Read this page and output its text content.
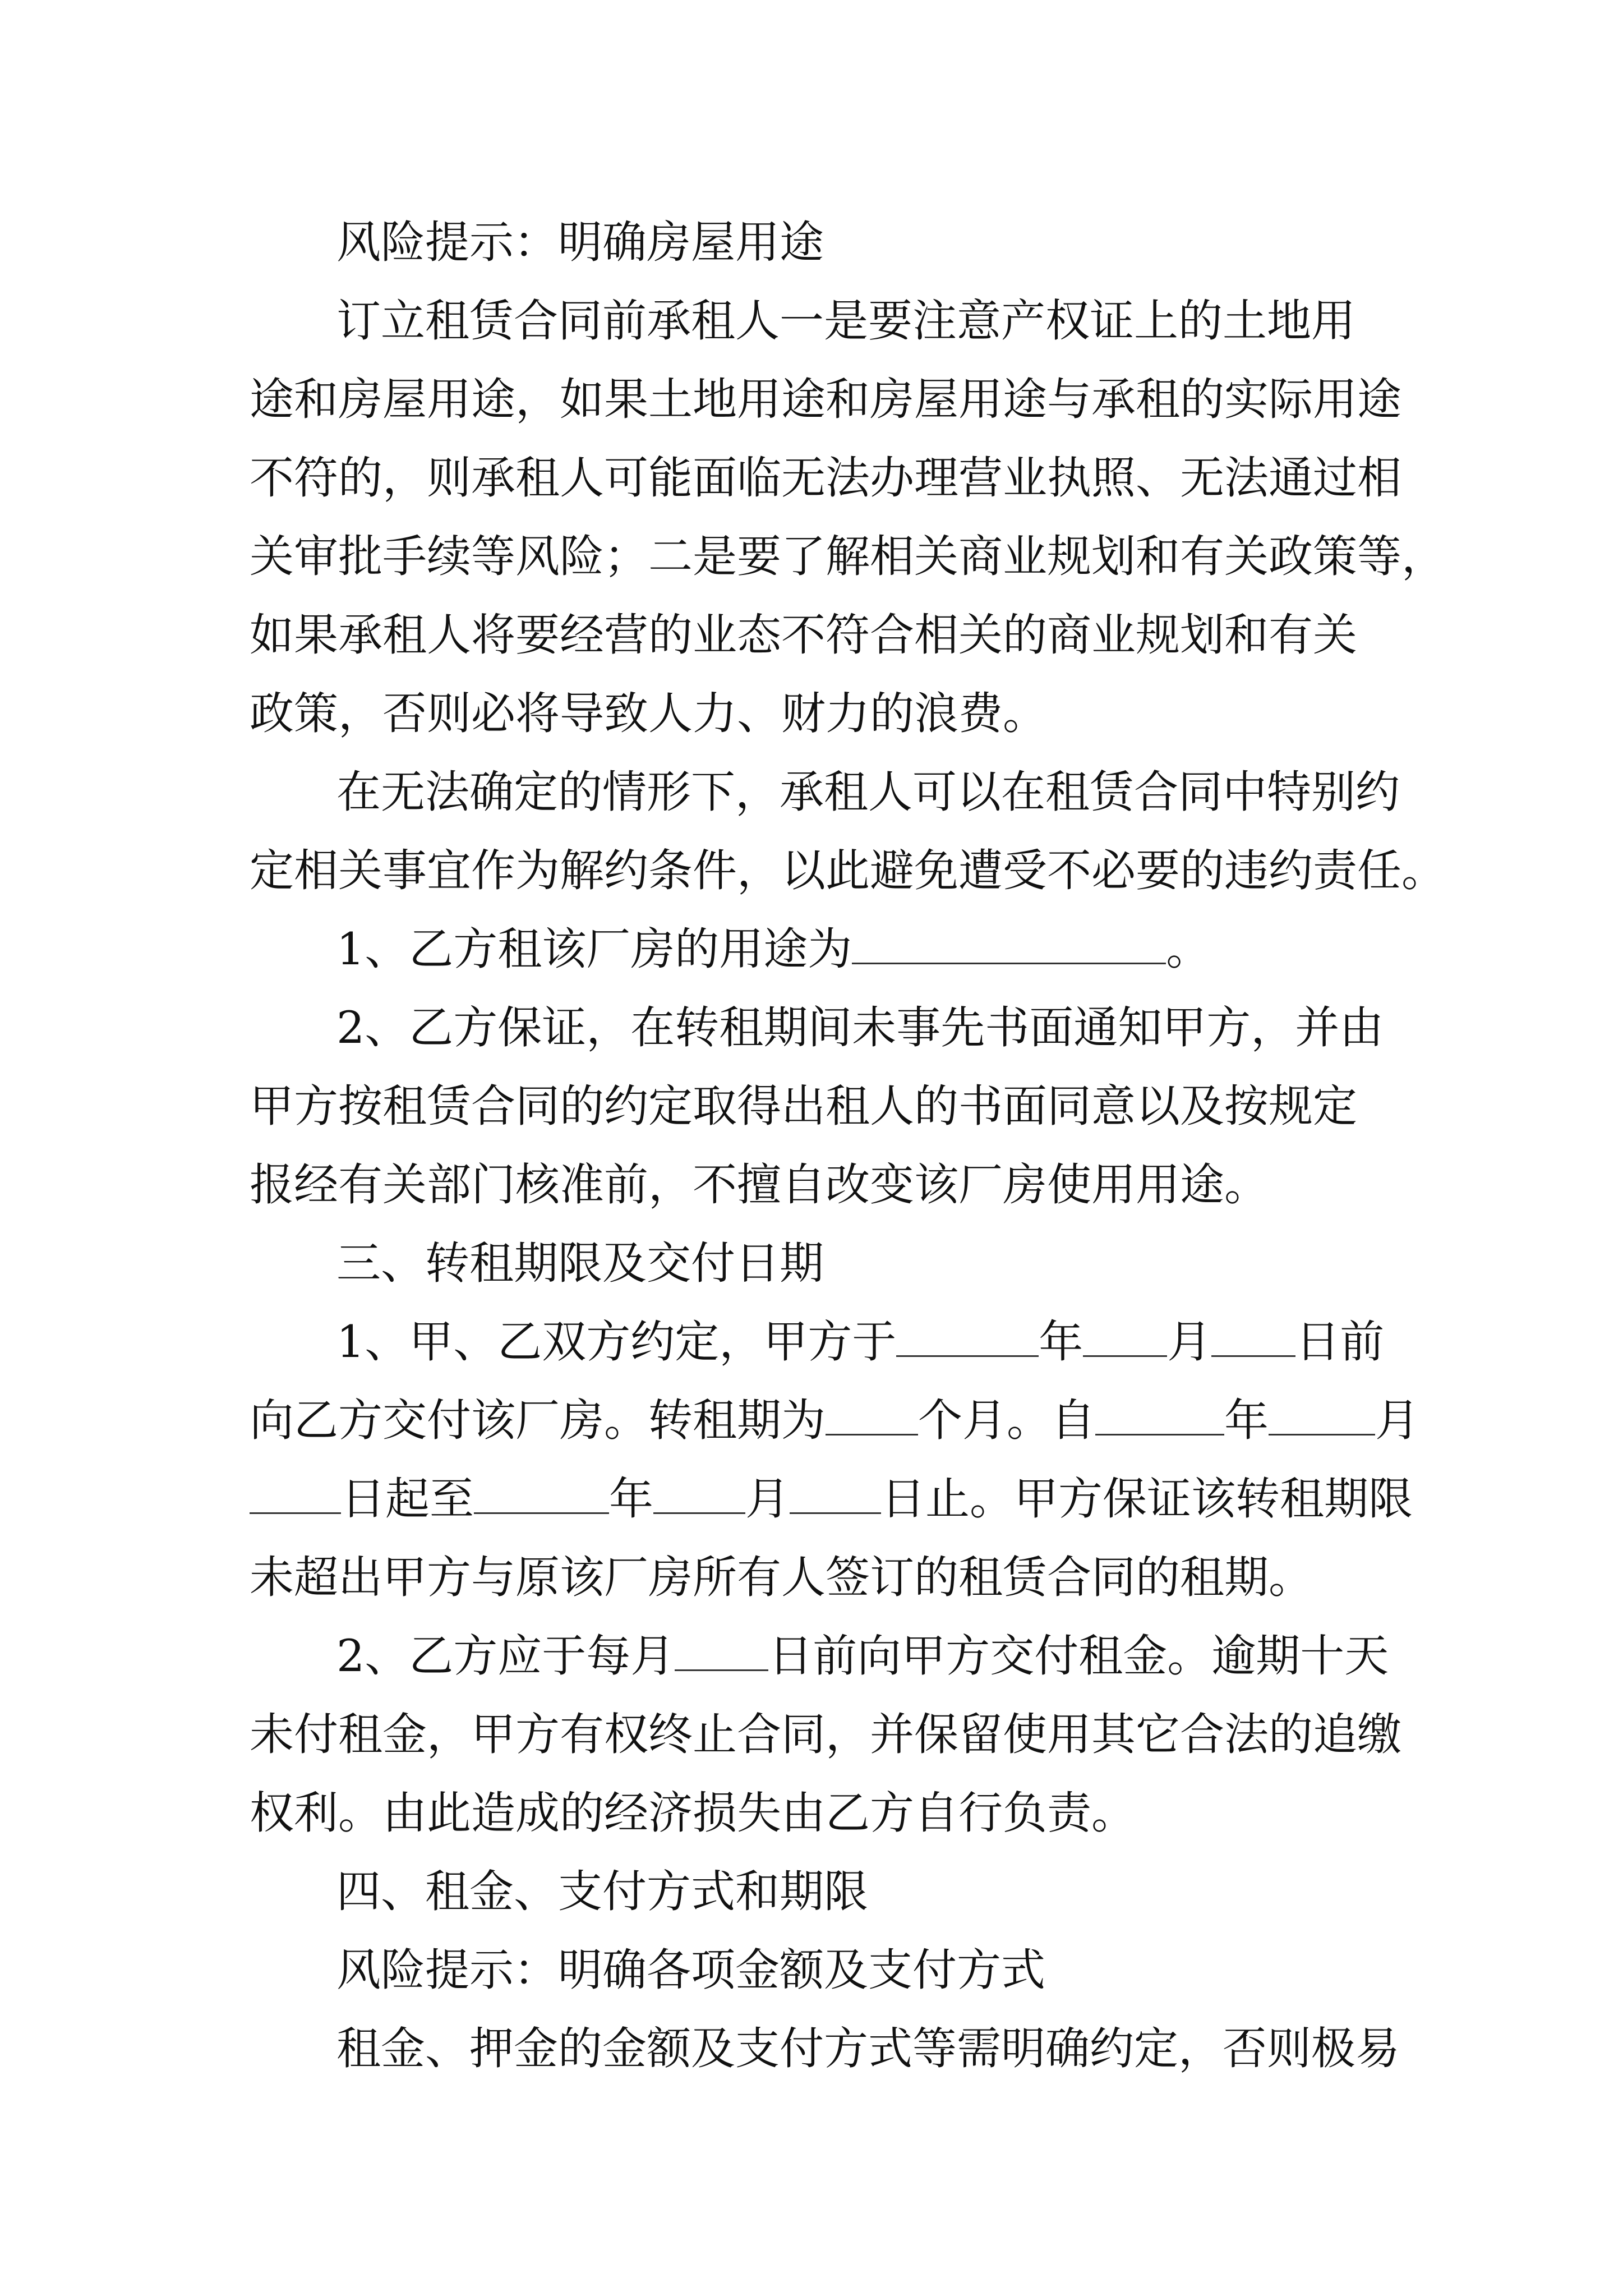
风险提示：明确房屋用途
订立租赁合同前承租人一是要注意产权证上的土地用
途和房屋用途，如果土地用途和房屋用途与承租的实际用途
不符的，则承租人可能面临无法办理营业执照、无法通过相
关审批手续等风险；二是要了解相关商业规划和有关政策等，
如果承租人将要经营的业态不符合相关的商业规划和有关
政策，否则必将导致人力、财力的浪费。
在无法确定的情形下，承租人可以在租赁合同中特别约
定相关事宜作为解约条件，以此避免遭受不必要的违约责任。
1、乙方租该厂房的用途为	。
2、乙方保证，在转租期间未事先书面通知甲方，并由
甲方按租赁合同的约定取得出租人的书面同意以及按规定
报经有关部门核准前，不擅自改变该厂房使用用途。
三、转租期限及交付日期
1、甲、乙双方约定，甲方于	年 月 日前
向乙方交付该厂房。转租期为 个月。自	年 月
日起至	年 月 日止。甲方保证该转租期限
未超出甲方与原该厂房所有人签订的租赁合同的租期。
2、乙方应于每月 日前向甲方交付租金。逾期十天
未付租金，甲方有权终止合同，并保留使用其它合法的追缴
权利。由此造成的经济损失由乙方自行负责。
四、租金、支付方式和期限
风险提示：明确各项金额及支付方式
租金、押金的金额及支付方式等需明确约定，否则极易
